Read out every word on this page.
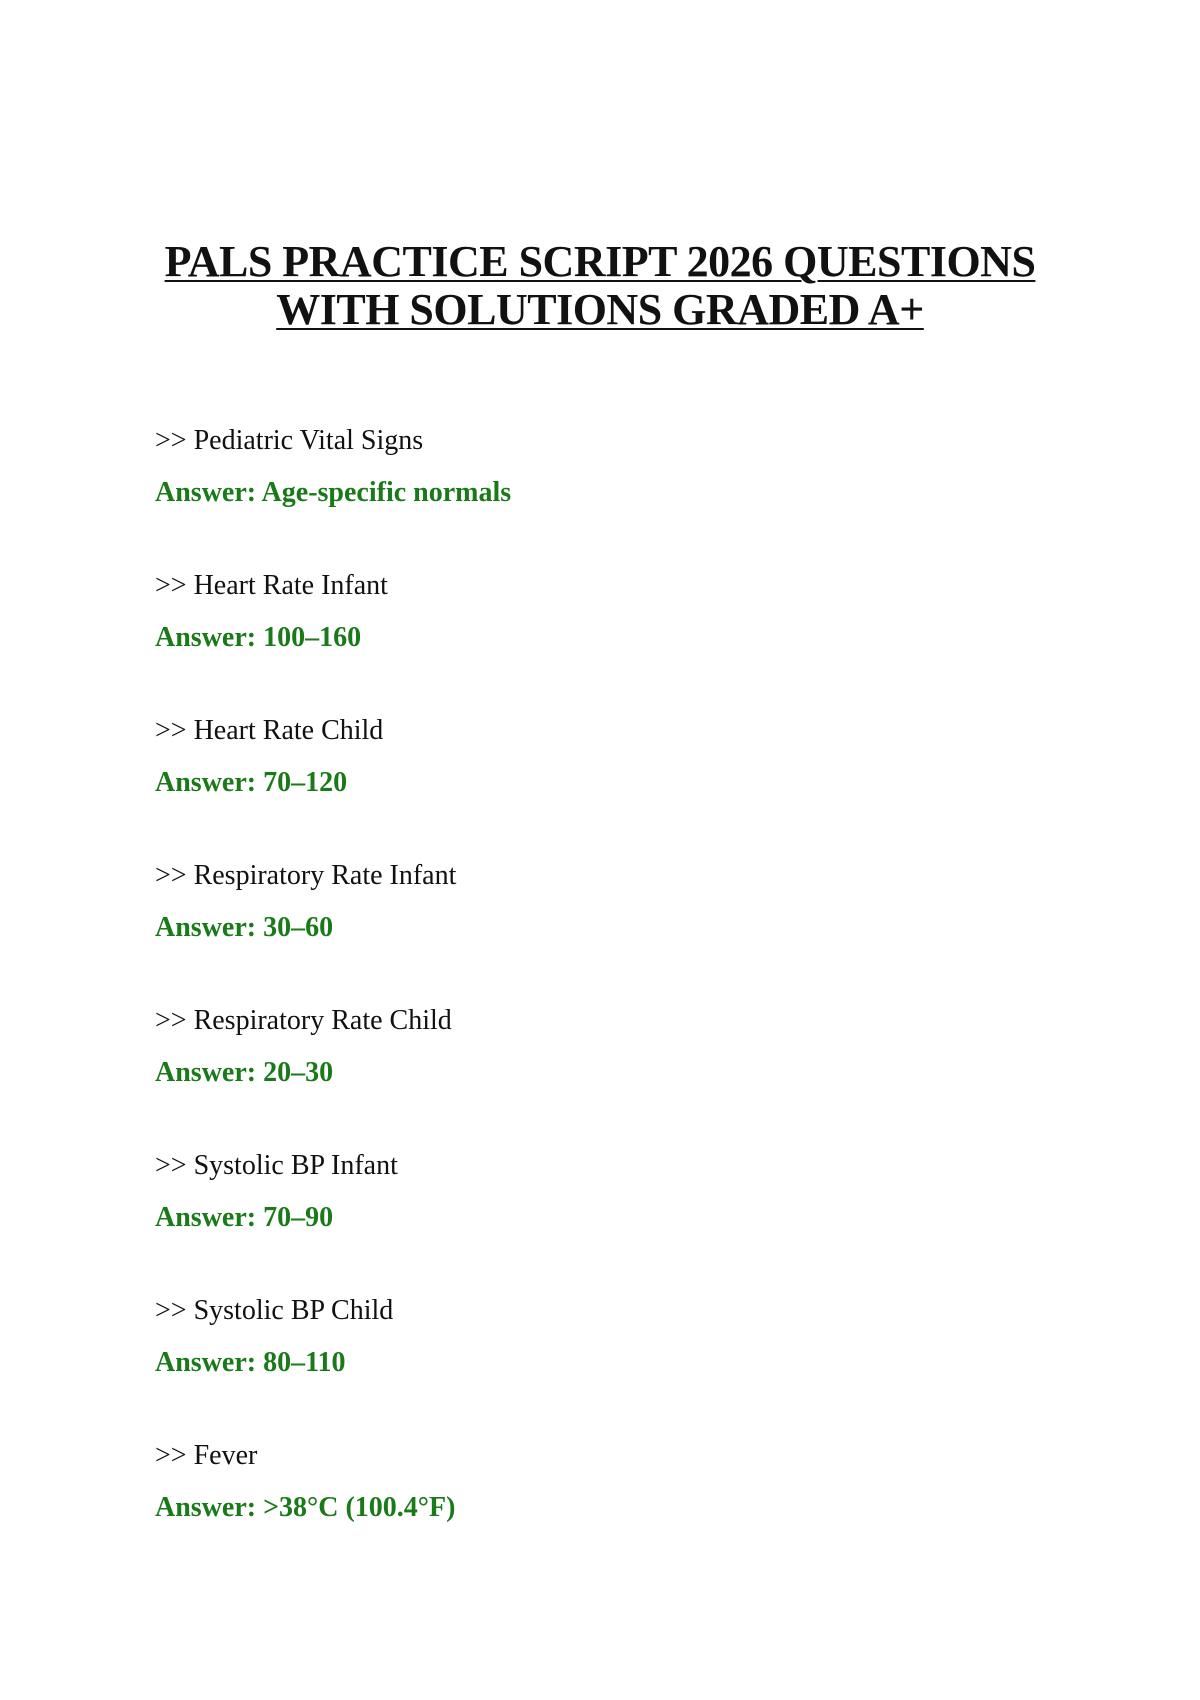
PALS PRACTICE SCRIPT 2026 QUESTIONS
WITH SOLUTIONS GRADED A+
>> Pediatric Vital Signs
Answer: Age-specific normals
>> Heart Rate Infant
Answer: 100–160
>> Heart Rate Child
Answer: 70–120
>> Respiratory Rate Infant
Answer: 30–60
>> Respiratory Rate Child
Answer: 20–30
>> Systolic BP Infant
Answer: 70–90
>> Systolic BP Child
Answer: 80–110
>> Fever
Answer: >38°C (100.4°F)
